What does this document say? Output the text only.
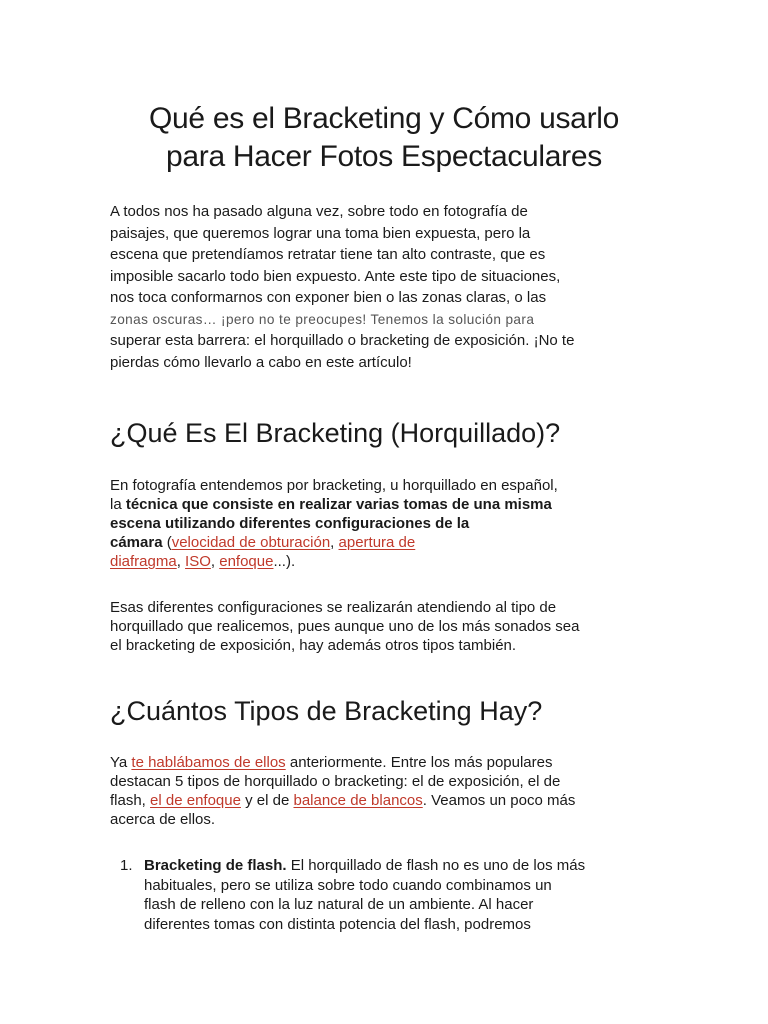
Qué es el Bracketing y Cómo usarlo
para Hacer Fotos Espectaculares

A todos nos ha pasado alguna vez, sobre todo en fotografía de
paisajes, que queremos lograr una toma bien expuesta, pero la
escena que pretendíamos retratar tiene tan alto contraste, que es
imposible sacarlo todo bien expuesto. Ante este tipo de situaciones,
nos toca conformarnos con exponer bien o las zonas claras, o las
zonas oscuras… ¡pero no te preocupes! Tenemos la solución para
superar esta barrera: el horquillado o bracketing de exposición. ¡No te
pierdas cómo llevarlo a cabo en este artículo!

¿Qué Es El Bracketing (Horquillado)?

En fotografía entendemos por bracketing, u horquillado en español,
la técnica que consiste en realizar varias tomas de una misma
escena utilizando diferentes configuraciones de la
cámara (velocidad de obturación, apertura de
diafragma, ISO, enfoque...).

Esas diferentes configuraciones se realizarán atendiendo al tipo de
horquillado que realicemos, pues aunque uno de los más sonados sea
el bracketing de exposición, hay además otros tipos también.

¿Cuántos Tipos de Bracketing Hay?

Ya te hablábamos de ellos anteriormente. Entre los más populares
destacan 5 tipos de horquillado o bracketing: el de exposición, el de
flash, el de enfoque y el de balance de blancos. Veamos un poco más
acerca de ellos.

1. Bracketing de flash. El horquillado de flash no es uno de los más
habituales, pero se utiliza sobre todo cuando combinamos un
flash de relleno con la luz natural de un ambiente. Al hacer
diferentes tomas con distinta potencia del flash, podremos
